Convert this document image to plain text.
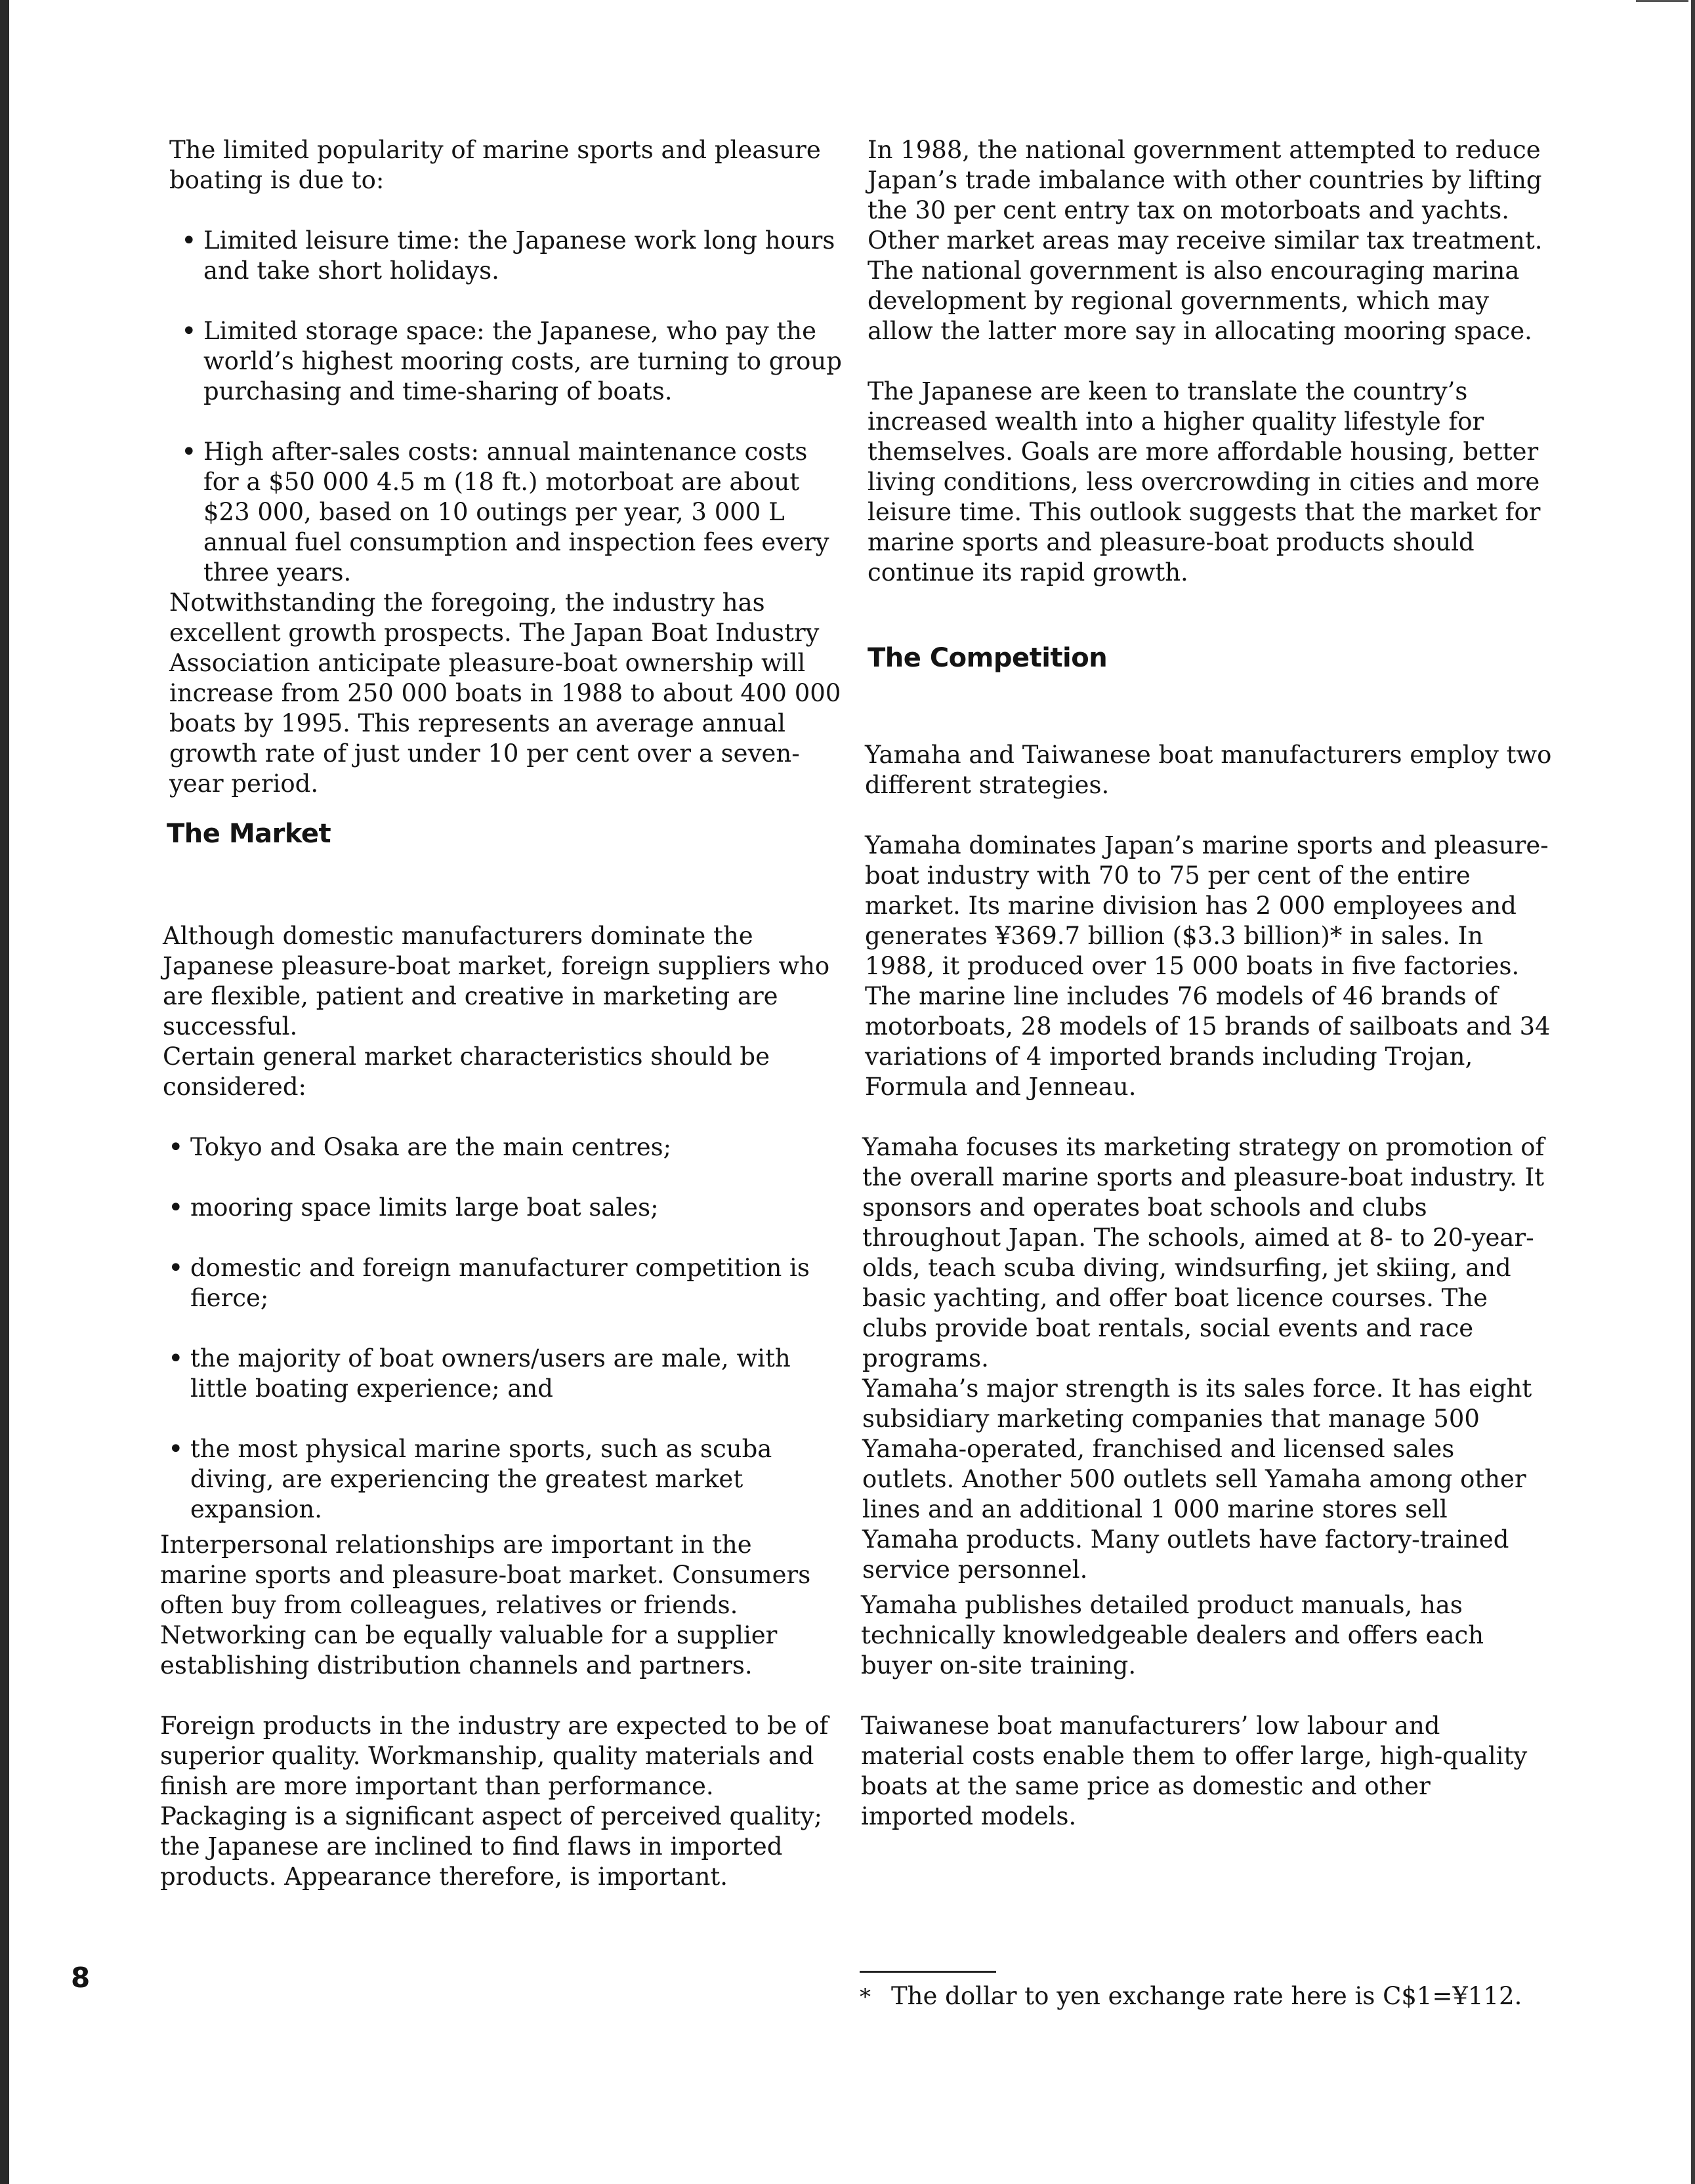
The limited popularity of marine sports and pleasure boating is due to:

• Limited leisure time: the Japanese work long hours and take short holidays.
• Limited storage space: the Japanese, who pay the world’s highest mooring costs, are turning to group purchasing and time-sharing of boats.
• High after-sales costs: annual maintenance costs for a $50 000 4.5 m (18 ft.) motorboat are about $23 000, based on 10 outings per year, 3 000 L annual fuel consumption and inspection fees every three years.

Notwithstanding the foregoing, the industry has excellent growth prospects. The Japan Boat Industry Association anticipate pleasure-boat ownership will increase from 250 000 boats in 1988 to about 400 000 boats by 1995. This represents an average annual growth rate of just under 10 per cent over a seven-year period.

The Market

Although domestic manufacturers dominate the Japanese pleasure-boat market, foreign suppliers who are flexible, patient and creative in marketing are successful.

Certain general market characteristics should be considered:

• Tokyo and Osaka are the main centres;
• mooring space limits large boat sales;
• domestic and foreign manufacturer competition is fierce;
• the majority of boat owners/users are male, with little boating experience; and
• the most physical marine sports, such as scuba diving, are experiencing the greatest market expansion.

Interpersonal relationships are important in the marine sports and pleasure-boat market. Consumers often buy from colleagues, relatives or friends. Networking can be equally valuable for a supplier establishing distribution channels and partners.

Foreign products in the industry are expected to be of superior quality. Workmanship, quality materials and finish are more important than performance. Packaging is a significant aspect of perceived quality; the Japanese are inclined to find flaws in imported products. Appearance therefore, is important.

In 1988, the national government attempted to reduce Japan’s trade imbalance with other countries by lifting the 30 per cent entry tax on motorboats and yachts. Other market areas may receive similar tax treatment. The national government is also encouraging marina development by regional governments, which may allow the latter more say in allocating mooring space.

The Japanese are keen to translate the country’s increased wealth into a higher quality lifestyle for themselves. Goals are more affordable housing, better living conditions, less overcrowding in cities and more leisure time. This outlook suggests that the market for marine sports and pleasure-boat products should continue its rapid growth.

The Competition

Yamaha and Taiwanese boat manufacturers employ two different strategies.

Yamaha dominates Japan’s marine sports and pleasure-boat industry with 70 to 75 per cent of the entire market. Its marine division has 2 000 employees and generates ¥369.7 billion ($3.3 billion)* in sales. In 1988, it produced over 15 000 boats in five factories. The marine line includes 76 models of 46 brands of motorboats, 28 models of 15 brands of sailboats and 34 variations of 4 imported brands including Trojan, Formula and Jenneau.

Yamaha focuses its marketing strategy on promotion of the overall marine sports and pleasure-boat industry. It sponsors and operates boat schools and clubs throughout Japan. The schools, aimed at 8- to 20-year-olds, teach scuba diving, windsurfing, jet skiing, and basic yachting, and offer boat licence courses. The clubs provide boat rentals, social events and race programs.

Yamaha’s major strength is its sales force. It has eight subsidiary marketing companies that manage 500 Yamaha-operated, franchised and licensed sales outlets. Another 500 outlets sell Yamaha among other lines and an additional 1 000 marine stores sell Yamaha products. Many outlets have factory-trained service personnel.

Yamaha publishes detailed product manuals, has technically knowledgeable dealers and offers each buyer on-site training.

Taiwanese boat manufacturers’ low labour and material costs enable them to offer large, high-quality boats at the same price as domestic and other imported models.

8
* The dollar to yen exchange rate here is C$1=¥112.
